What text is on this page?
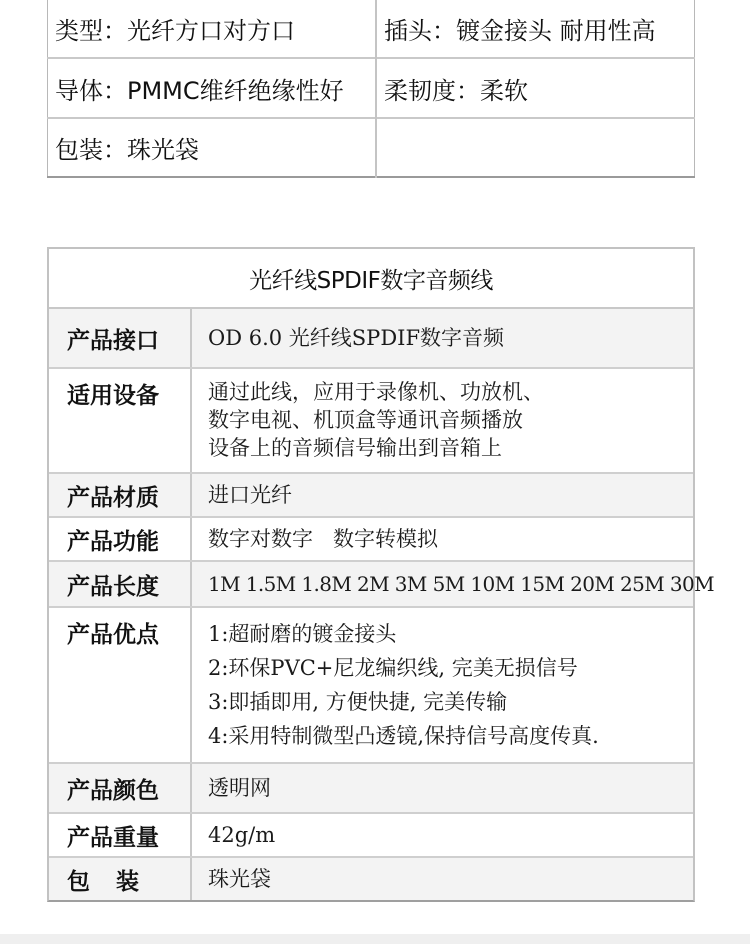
类型：光纤方口对方口	插头：镀金接头 耐用性高
导体：PMMC维纤绝缘性好	柔韧度：柔软
包装：珠光袋	
光纤线SPDIF数字音频线
产品接口	OD 6.0 光纤线SPDIF数字音频
适用设备	通过此线，应用于录像机、功放机、
数字电视、机顶盒等通讯音频播放
设备上的音频信号输出到音箱上
产品材质	进口光纤
产品功能	数字对数字   数字转模拟
产品长度	1M 1.5M 1.8M 2M 3M 5M 10M 15M 20M 25M 30M
产品优点	1:超耐磨的镀金接头
2:环保PVC+尼龙编织线, 完美无损信号
3:即插即用, 方便快捷, 完美传输
4:采用特制微型凸透镜,保持信号高度传真.
产品颜色	透明网
产品重量	42g/m
包装	珠光袋
